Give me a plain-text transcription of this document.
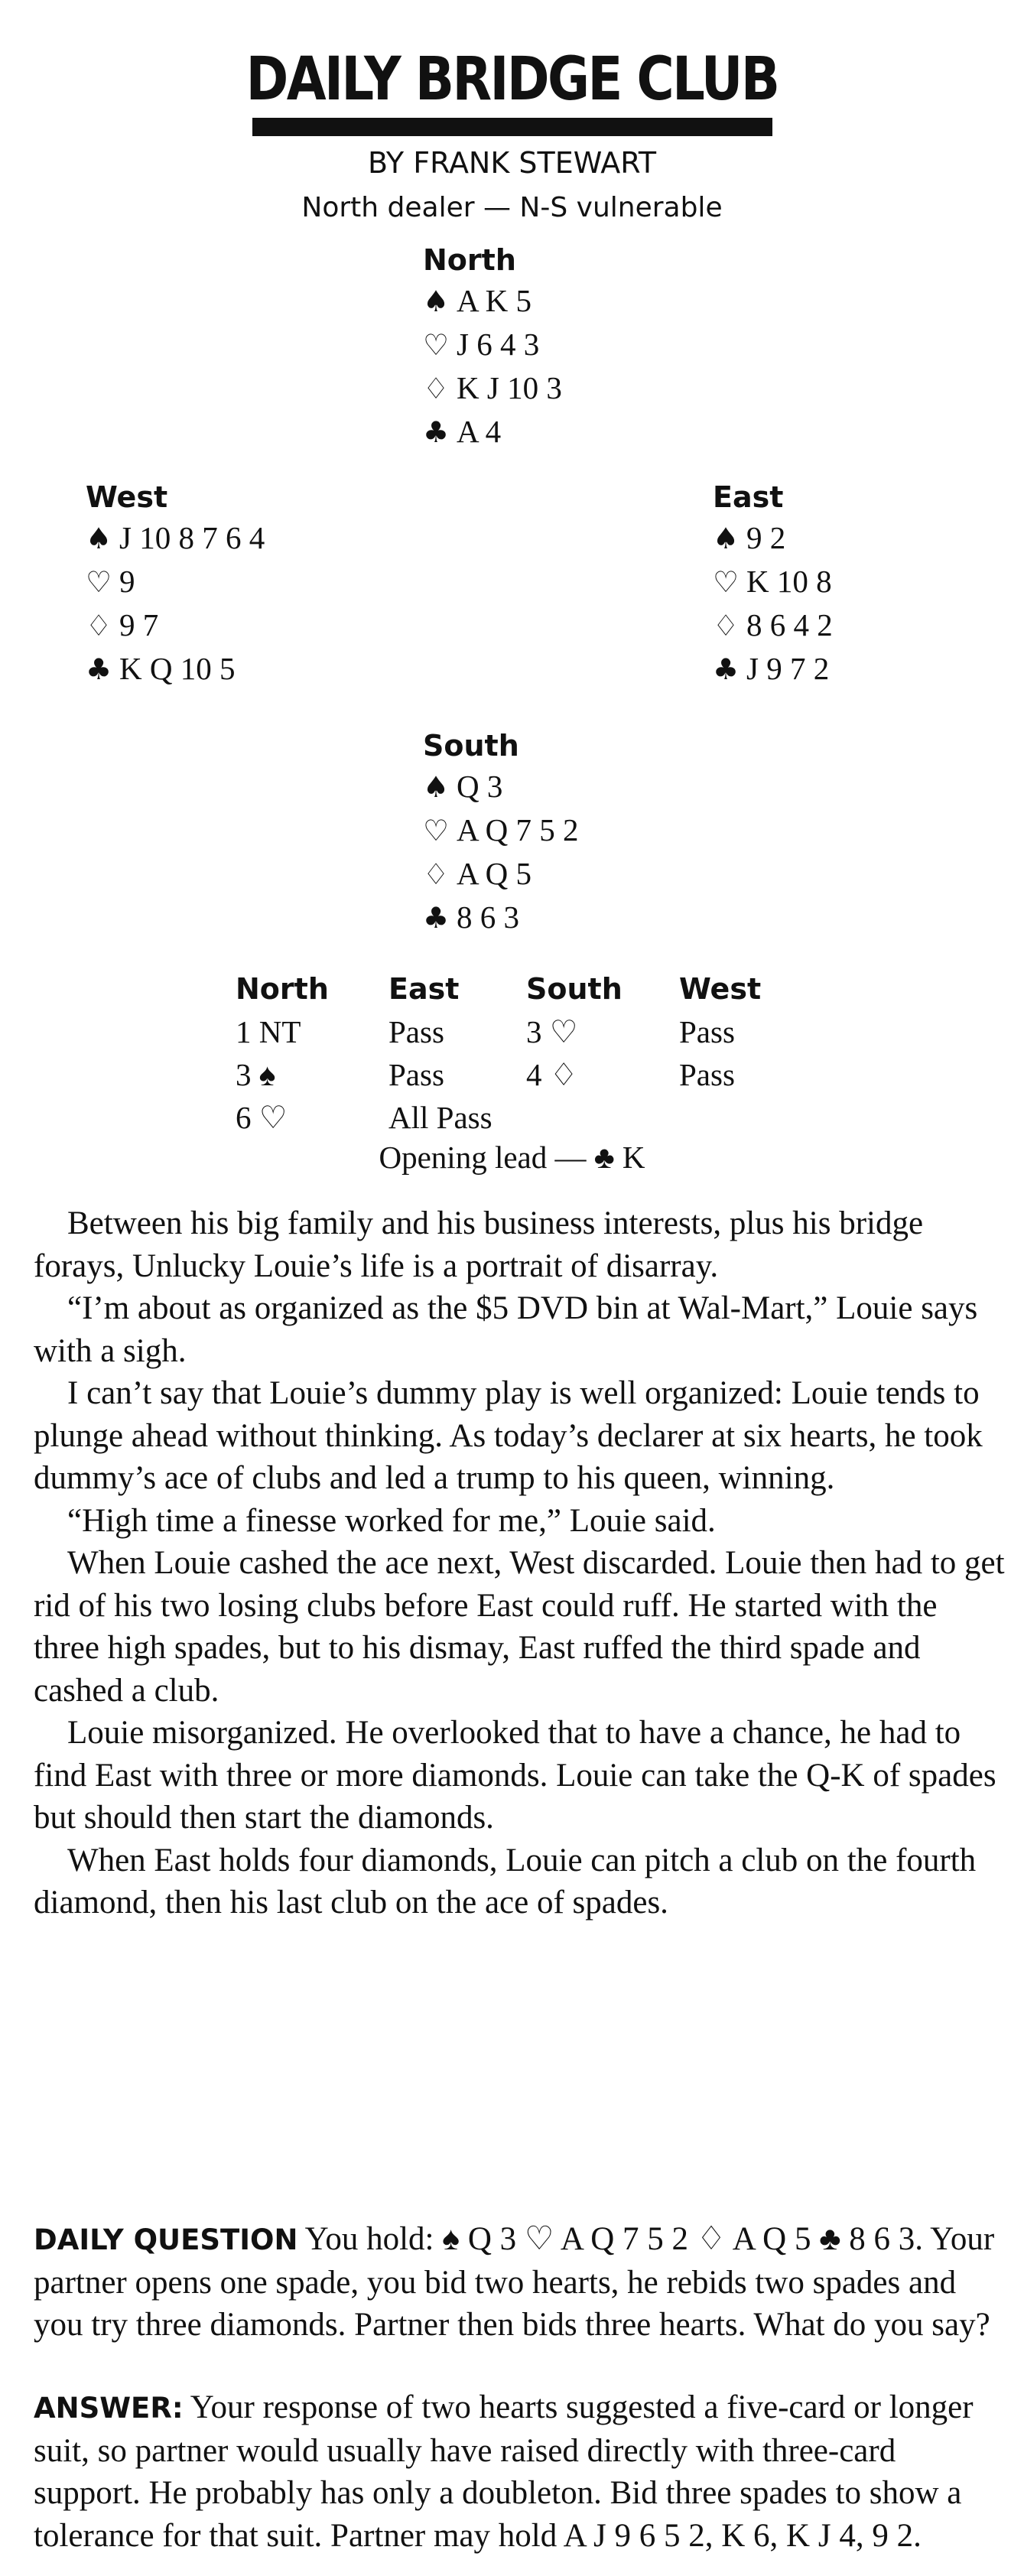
DAILY BRIDGE CLUB
BY FRANK STEWART
North dealer — N-S vulnerable
North
♠ A K 5
♡ J 6 4 3
♢ K J 10 3
♣ A 4
West
♠ J 10 8 7 6 4
♡ 9
♢ 9 7
♣ K Q 10 5
East
♠ 9 2
♡ K 10 8
♢ 8 6 4 2
♣ J 9 7 2
South
♠ Q 3
♡ A Q 7 5 2
♢ A Q 5
♣ 8 6 3
North	East	South	West
1 NT	Pass	3 ♡	Pass
3 ♠	Pass	4 ♢	Pass
6 ♡	All Pass
Opening lead — ♣ K

Between his big family and his business interests, plus his bridge forays, Unlucky Louie’s life is a portrait of disarray.

“I’m about as organized as the $5 DVD bin at Wal-Mart,” Louie says with a sigh.

I can’t say that Louie’s dummy play is well organized: Louie tends to plunge ahead without thinking. As today’s declarer at six hearts, he took dummy’s ace of clubs and led a trump to his queen, winning.

“High time a finesse worked for me,” Louie said.

When Louie cashed the ace next, West discarded. Louie then had to get rid of his two losing clubs before East could ruff. He started with the three high spades, but to his dismay, East ruffed the third spade and cashed a club.

Louie misorganized. He overlooked that to have a chance, he had to find East with three or more diamonds. Louie can take the Q-K of spades but should then start the diamonds.

When East holds four diamonds, Louie can pitch a club on the fourth diamond, then his last club on the ace of spades.

DAILY QUESTION You hold: ♠ Q 3 ♡ A Q 7 5 2 ♢ A Q 5 ♣ 8 6 3. Your partner opens one spade, you bid two hearts, he rebids two spades and you try three diamonds. Partner then bids three hearts. What do you say?
ANSWER: Your response of two hearts suggested a five-card or longer suit, so partner would usually have raised directly with three-card support. He probably has only a doubleton. Bid three spades to show a tolerance for that suit. Partner may hold A J 9 6 5 2, K 6, K J 4, 9 2.
